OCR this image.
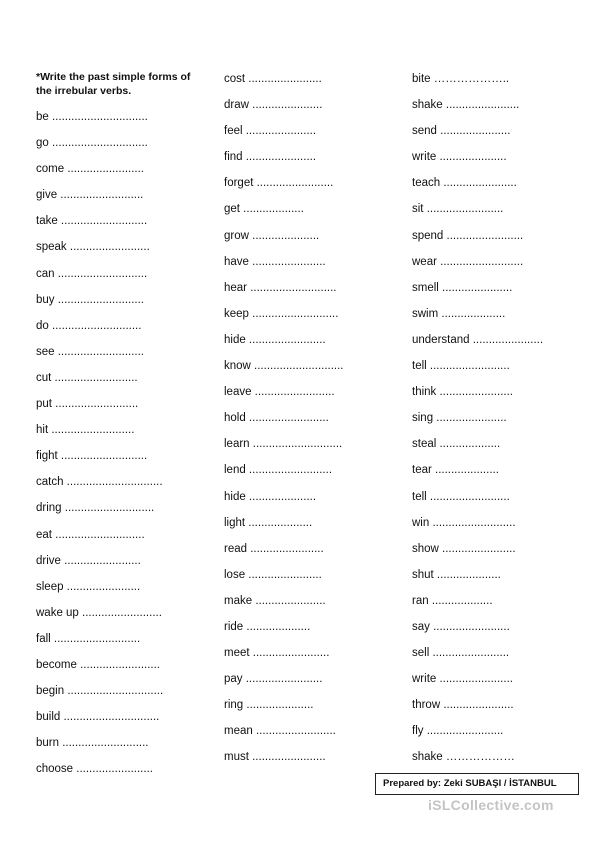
*Write the past simple forms of the irrebular verbs.
be ..............................
go ..............................
come ........................
give ..........................
take ...........................
speak .........................
can ............................
buy ...........................
do ............................
see ...........................
cut ..........................
put ..........................
hit ..........................
fight ...........................
catch ..............................
dring ............................
eat ............................
drive ........................
sleep .......................
wake up .........................
fall ...........................
become .........................
begin ..............................
build ..............................
burn ...........................
choose ........................
cost .......................
draw ......................
feel ......................
find ......................
forget ........................
get ...................
grow .....................
have .......................
hear ...........................
keep ...........................
hide ........................
know ............................
leave .........................
hold .........................
learn ............................
lend ..........................
hide .....................
light ....................
read .......................
lose .......................
make ......................
ride ....................
meet ........................
pay ........................
ring .....................
mean .........................
must .......................
bite ………………..
shake .......................
send ......................
write .....................
teach .......................
sit ........................
spend ........................
wear ..........................
smell ......................
swim ....................
understand ......................
tell .........................
think .......................
sing ......................
steal ...................
tear ....................
tell .........................
win ..........................
show .......................
shut ....................
ran ...................
say ........................
sell ........................
write .......................
throw ......................
fly ........................
shake ………………
Prepared by: Zeki SUBAŞI / İSTANBUL
iSLCollective.com
